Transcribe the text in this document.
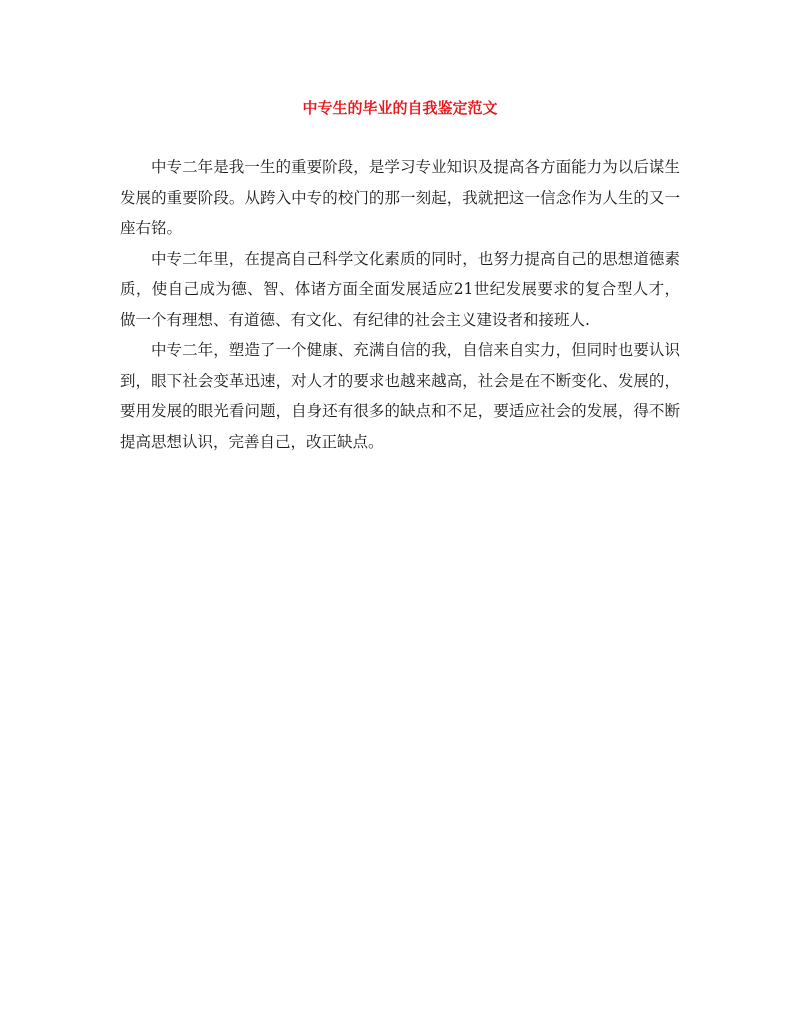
中专生的毕业的自我鉴定范文

中专二年是我一生的重要阶段，是学习专业知识及提高各方面能力为以后谋生发展的重要阶段。从跨入中专的校门的那一刻起，我就把这一信念作为人生的又一座右铭。

中专二年里，在提高自己科学文化素质的同时，也努力提高自己的思想道德素质，使自己成为德、智、体诸方面全面发展适应21世纪发展要求的复合型人才，做一个有理想、有道德、有文化、有纪律的社会主义建设者和接班人.

中专二年，塑造了一个健康、充满自信的我，自信来自实力，但同时也要认识到，眼下社会变革迅速，对人才的要求也越来越高，社会是在不断变化、发展的，要用发展的眼光看问题，自身还有很多的缺点和不足，要适应社会的发展，得不断提高思想认识，完善自己，改正缺点。
